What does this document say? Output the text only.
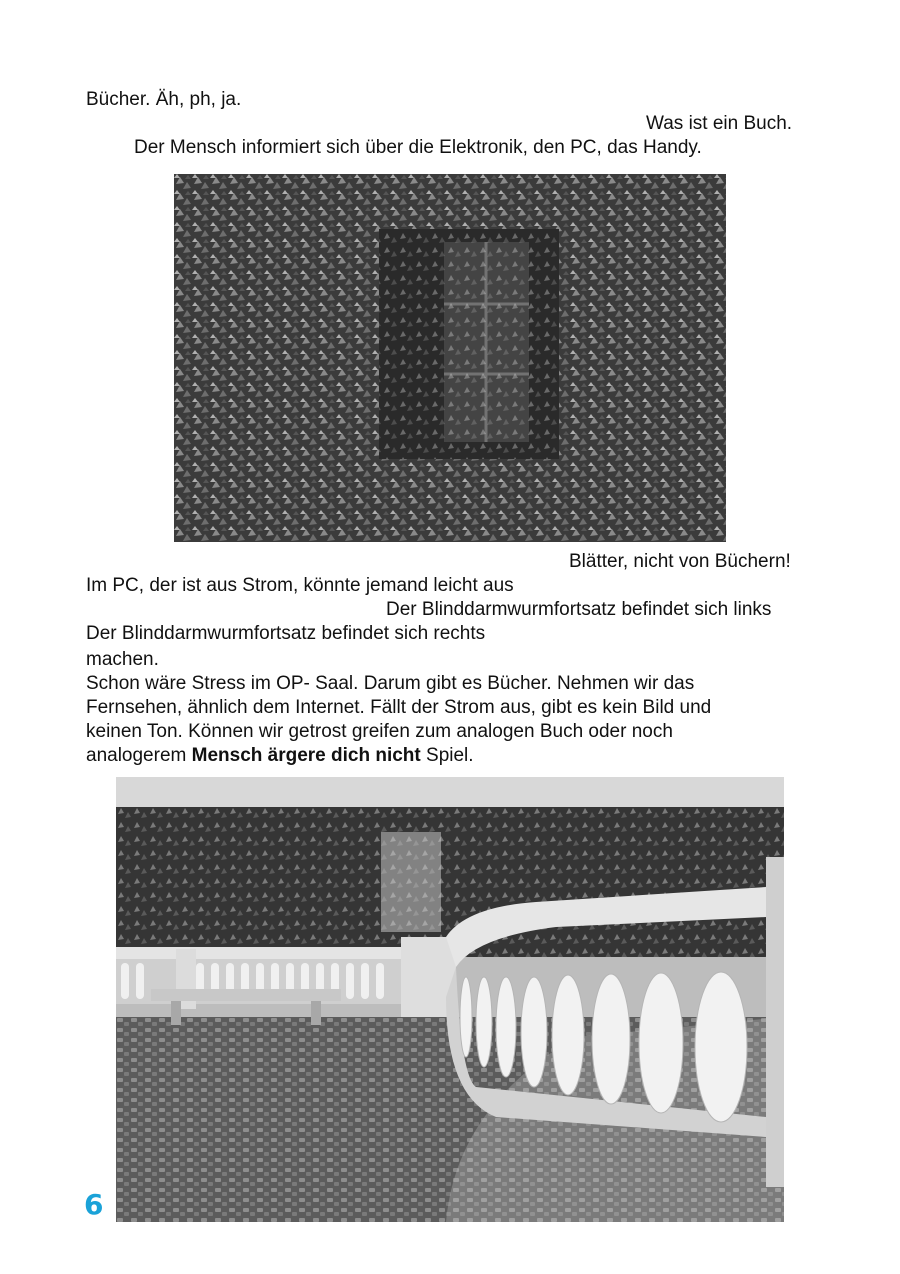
Bücher. Äh, ph, ja.
Was ist ein Buch.
Der Mensch informiert sich über die Elektronik, den PC, das Handy.
Blätter, nicht von Büchern!
Im PC, der ist aus Strom, könnte jemand leicht aus
Der Blinddarmwurmfortsatz befindet sich links
Der Blinddarmwurmfortsatz befindet sich rechts
machen.
Schon wäre Stress im OP- Saal. Darum gibt es Bücher. Nehmen wir das
Fernsehen, ähnlich dem Internet. Fällt der Strom aus, gibt es kein Bild und
keinen Ton. Können wir getrost greifen zum analogen Buch oder noch
analogerem Mensch ärgere dich nicht Spiel.
6
